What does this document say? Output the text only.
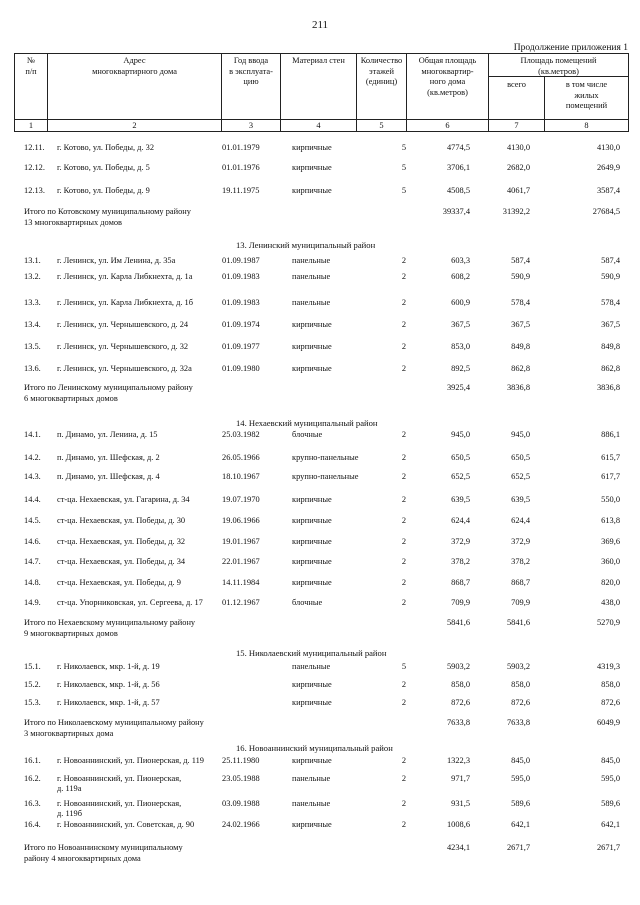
211
Продолжение приложения 1
№
п/п
Адрес
многоквартирного дома
Год ввода
в эксплуата-
цию
Материал стен	Количество
этажей
(единиц)
Общая площадь
многоквартир-
ного дома
(кв.метров)
Площадь помещений
(кв.метров)
всего	в том числе
жилых
помещений
1	2	3	4	5	6	7	8
12.11. г. Котово, ул. Победы, д. 32	01.01.1979	кирпичные	5	4774,5	4130,0	4130,0
12.12. г. Котово, ул. Победы, д. 5	01.01.1976	кирпичные	5	3706,1	2682,0	2649,9
12.13. г. Котово, ул. Победы, д. 9	19.11.1975	кирпичные	5	4508,5	4061,7	3587,4
Итого по Котовскому муниципальному району
13 многоквартирных домов
39337,4	31392,2	27684,5
13. Ленинский муниципальный район
13.1. г. Ленинск, ул. Им Ленина, д. 35а	01.09.1987	панельные	2	603,3	587,4	587,4
13.2. г. Ленинск, ул. Карла Либкнехта, д. 1а	01.09.1983	панельные	2	608,2	590,9	590,9
13.3. г. Ленинск, ул. Карла Либкнехта, д. 1б	01.09.1983	панельные	2	600,9	578,4	578,4
13.4. г. Ленинск, ул. Чернышевского, д. 24	01.09.1974	кирпичные	2	367,5	367,5	367,5
13.5. г. Ленинск, ул. Чернышевского, д. 32	01.09.1977	кирпичные	2	853,0	849,8	849,8
13.6. г. Ленинск, ул. Чернышевского, д. 32а	01.09.1980	кирпичные	2	892,5	862,8	862,8
Итого по Ленинскому муниципальному району
6 многоквартирных домов
3925,4	3836,8	3836,8
14. Нехаевский муниципальный район
14.1. п. Динамо, ул. Ленина, д. 15	25.03.1982	блочные	2	945,0	945,0	886,1
14.2. п. Динамо, ул. Шефская, д. 2	26.05.1966	крупно-панельные	2	650,5	650,5	615,7
14.3. п. Динамо, ул. Шефская, д. 4	18.10.1967	крупно-панельные	2	652,5	652,5	617,7
14.4. ст-ца. Нехаевская, ул. Гагарина, д. 34	19.07.1970	кирпичные	2	639,5	639,5	550,0
14.5. ст-ца. Нехаевская, ул. Победы, д. 30	19.06.1966	кирпичные	2	624,4	624,4	613,8
14.6. ст-ца. Нехаевская, ул. Победы, д. 32	19.01.1967	кирпичные	2	372,9	372,9	369,6
14.7. ст-ца. Нехаевская, ул. Победы, д. 34	22.01.1967	кирпичные	2	378,2	378,2	360,0
14.8. ст-ца. Нехаевская, ул. Победы, д. 9	14.11.1984	кирпичные	2	868,7	868,7	820,0
14.9. ст-ца. Упорниковская, ул. Сергеева, д. 17 01.12.1967	блочные	2	709,9	709,9	438,0
Итого по Нехаевскому муниципальному району
9 многоквартирных домов
5841,6	5841,6	5270,9
15. Николаевский муниципальный район
15.1. г. Николаевск, мкр. 1-й, д. 19	панельные	5	5903,2	5903,2	4319,3
15.2. г. Николаевск, мкр. 1-й, д. 56	кирпичные	2	858,0	858,0	858,0
15.3. г. Николаевск, мкр. 1-й, д. 57	кирпичные	2	872,6	872,6	872,6
Итого по Николаевскому муниципальному району
3 многоквартирных дома
7633,8	7633,8	6049,9
16. Новоаннинский муниципальный район
16.1. г. Новоаннинский, ул. Пионерская, д. 119 25.11.1980	кирпичные	2	1322,3	845,0	845,0
16.2. г. Новоаннинский, ул. Пионерская,
д. 119а
23.05.1988	панельные	2	971,7	595,0	595,0
16.3. г. Новоаннинский, ул. Пионерская,
д. 119б
03.09.1988	панельные	2	931,5	589,6	589,6
16.4. г. Новоаннинский, ул. Советская, д. 90	24.02.1966	кирпичные	2	1008,6	642,1	642,1
Итого по Новоаннинскому муниципальному
району 4 многоквартирных дома
4234,1	2671,7	2671,7
